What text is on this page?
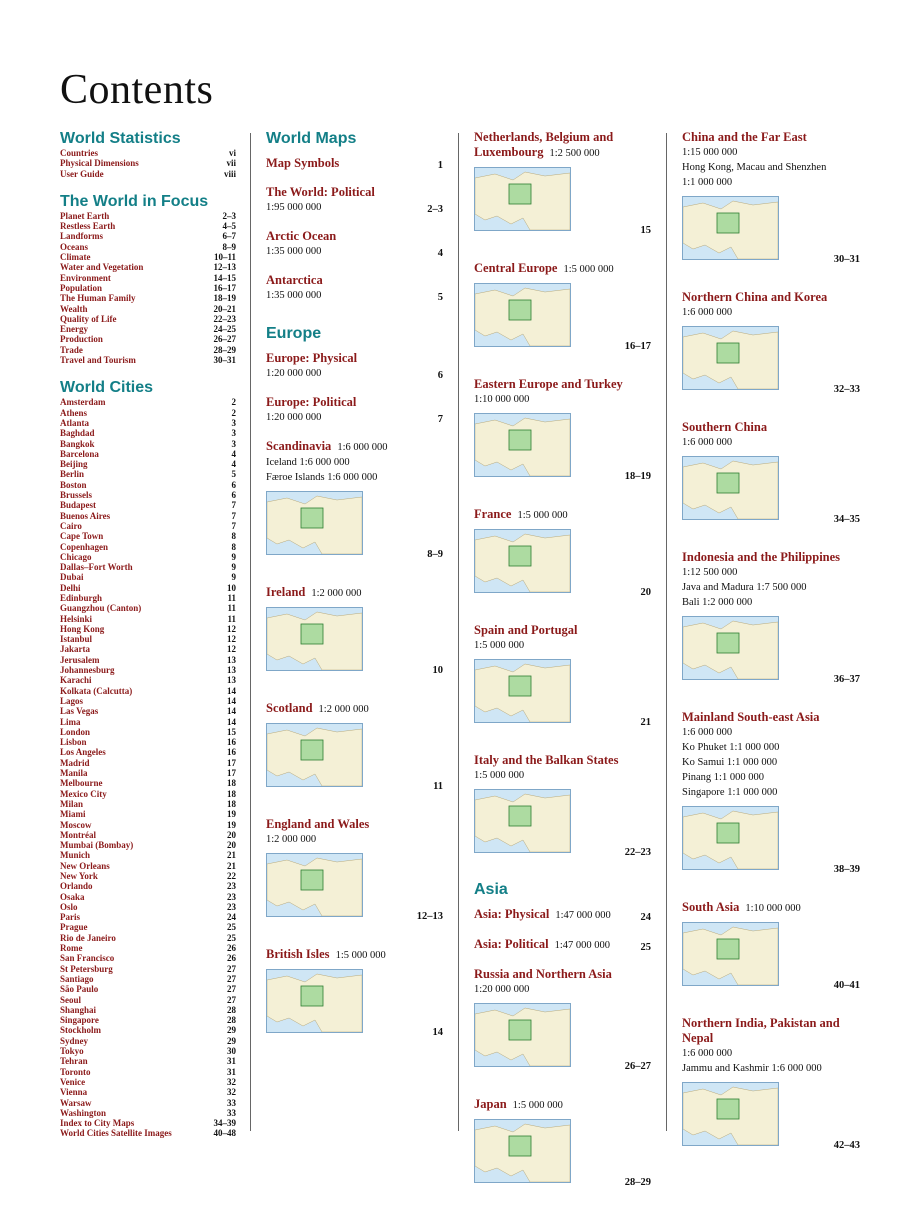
Contents
World Statistics
Countries	vi
Physical Dimensions	vii
User Guide	viii
The World in Focus
Planet Earth	2–3
Restless Earth	4–5
Landforms	6–7
Oceans	8–9
Climate	10–11
Water and Vegetation	12–13
Environment	14–15
Population	16–17
The Human Family	18–19
Wealth	20–21
Quality of Life	22–23
Energy	24–25
Production	26–27
Trade	28–29
Travel and Tourism	30–31
World Cities
Amsterdam	2
Athens	2
Atlanta	3
Baghdad	3
Bangkok	3
Barcelona	4
Beijing	4
Berlin	5
Boston	6
Brussels	6
Budapest	7
Buenos Aires	7
Cairo	7
Cape Town	8
Copenhagen	8
Chicago	9
Dallas–Fort Worth	9
Dubai	9
Delhi	10
Edinburgh	11
Guangzhou (Canton)	11
Helsinki	11
Hong Kong	12
Istanbul	12
Jakarta	12
Jerusalem	13
Johannesburg	13
Karachi	13
Kolkata (Calcutta)	14
Lagos	14
Las Vegas	14
Lima	14
London	15
Lisbon	16
Los Angeles	16
Madrid	17
Manila	17
Melbourne	18
Mexico City	18
Milan	18
Miami	19
Moscow	19
Montréal	20
Mumbai (Bombay)	20
Munich	21
New Orleans	21
New York	22
Orlando	23
Osaka	23
Oslo	23
Paris	24
Prague	25
Rio de Janeiro	25
Rome	26
San Francisco	26
St Petersburg	27
Santiago	27
São Paulo	27
Seoul	27
Shanghai	28
Singapore	28
Stockholm	29
Sydney	29
Tokyo	30
Tehran	31
Toronto	31
Venice	32
Vienna	32
Warsaw	33
Washington	33
Index to City Maps	34–39
World Cities Satellite Images	40–48
World Maps
Map Symbols	1
The World: Political
1:95 000 000	2–3
Arctic Ocean
1:35 000 000	4
Antarctica
1:35 000 000	5
Europe
Europe: Physical
1:20 000 000	6
Europe: Political
1:20 000 000	7
Scandinavia 1:6 000 000
Iceland 1:6 000 000
Færoe Islands 1:6 000 000
8–9
Ireland 1:2 000 000
10
Scotland 1:2 000 000
11
England and Wales
1:2 000 000
12–13
British Isles 1:5 000 000
14
Netherlands, Belgium and Luxembourg 1:2 500 000
15
Central Europe 1:5 000 000
16–17
Eastern Europe and Turkey
1:10 000 000
18–19
France 1:5 000 000
20
Spain and Portugal
1:5 000 000
21
Italy and the Balkan States
1:5 000 000
22–23
Asia
Asia: Physical 1:47 000 000	24
Asia: Political 1:47 000 000	25
Russia and Northern Asia
1:20 000 000
26–27
Japan 1:5 000 000
28–29
China and the Far East
1:15 000 000
Hong Kong, Macau and Shenzhen
1:1 000 000
30–31
Northern China and Korea
1:6 000 000
32–33
Southern China
1:6 000 000
34–35
Indonesia and the Philippines
1:12 500 000
Java and Madura 1:7 500 000
Bali 1:2 000 000
36–37
Mainland South-east Asia
1:6 000 000
Ko Phuket 1:1 000 000
Ko Samui 1:1 000 000
Pinang 1:1 000 000
Singapore 1:1 000 000
38–39
South Asia 1:10 000 000
40–41
Northern India, Pakistan and Nepal
1:6 000 000
Jammu and Kashmir 1:6 000 000
42–43
